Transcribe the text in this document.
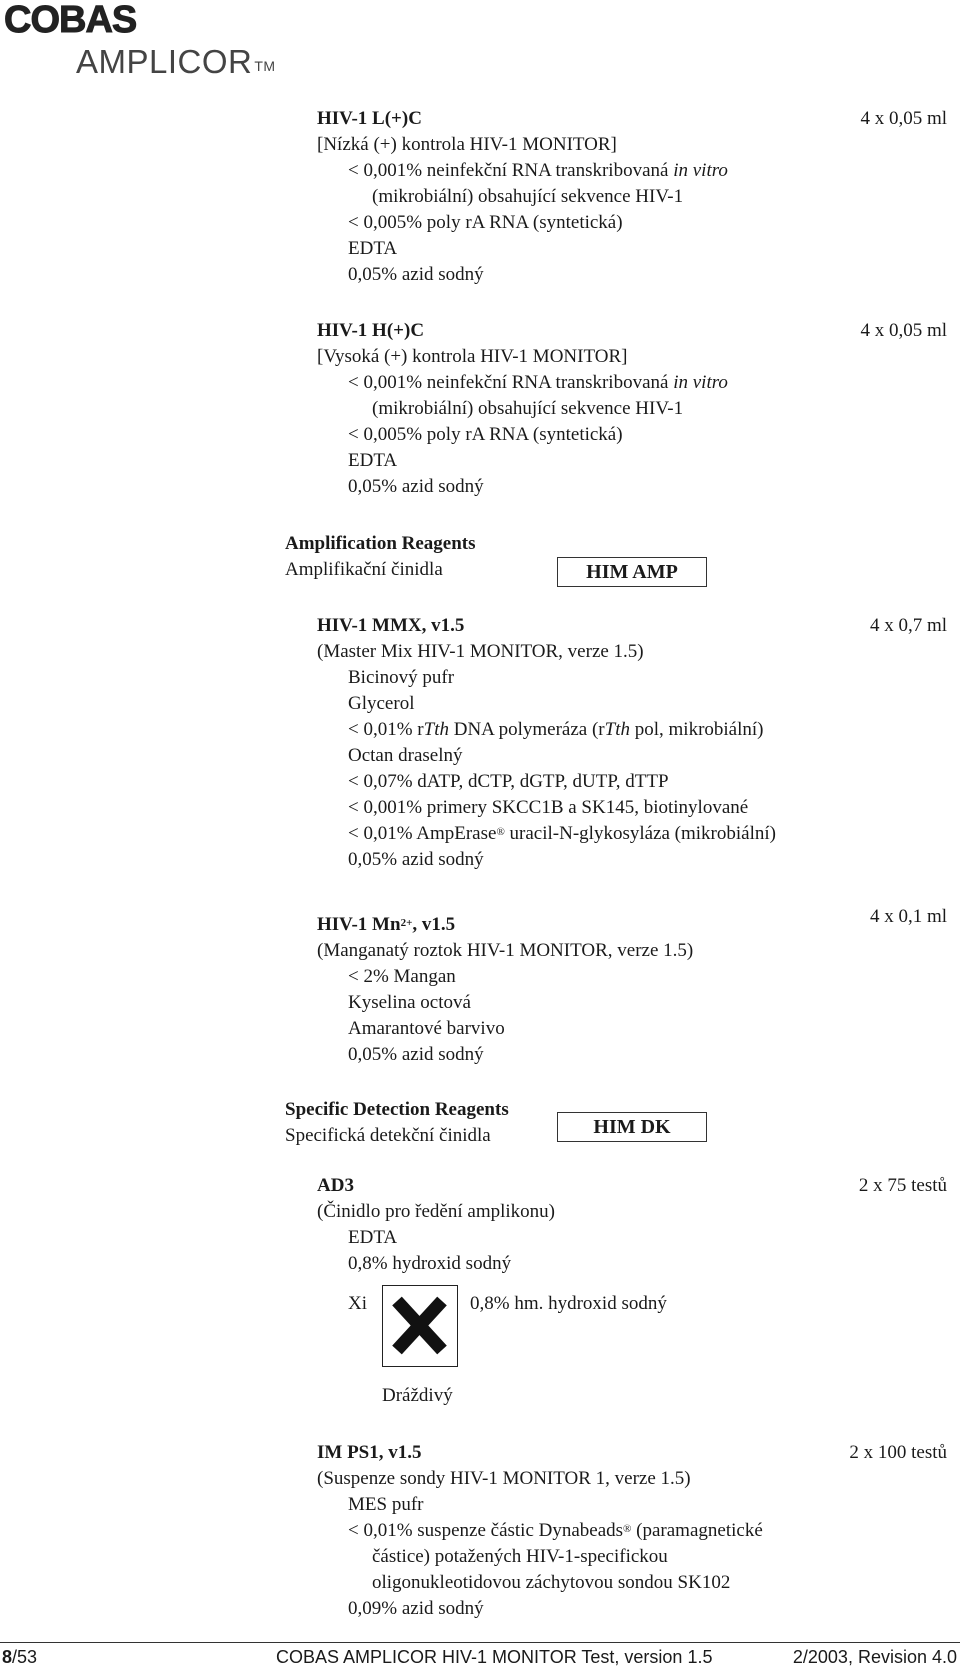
COBAS
AMPLICOR ™
HIV-1 L(+)C	4 x 0,05 ml
[Nízká (+) kontrola HIV-1 MONITOR]
< 0,001% neinfekční RNA transkribovaná in vitro
(mikrobiální) obsahující sekvence HIV-1
< 0,005% poly rA RNA (syntetická)
EDTA
0,05% azid sodný
HIV-1 H(+)C	4 x 0,05 ml
[Vysoká (+) kontrola HIV-1 MONITOR]
< 0,001% neinfekční RNA transkribovaná in vitro
(mikrobiální) obsahující sekvence HIV-1
< 0,005% poly rA RNA (syntetická)
EDTA
0,05% azid sodný
Amplification Reagents
Amplifikační činidla	HIM AMP
HIV-1 MMX, v1.5	4 x 0,7 ml
(Master Mix HIV-1 MONITOR, verze 1.5)
Bicinový pufr
Glycerol
< 0,01% rTth DNA polymeráza (rTth pol, mikrobiální)
Octan draselný
< 0,07% dATP, dCTP, dGTP, dUTP, dTTP
< 0,001% primery SKCC1B a SK145, biotinylované
< 0,01% AmpErase® uracil-N-glykosyláza (mikrobiální)
0,05% azid sodný
HIV-1 $Mn^{2+}$, v1.5	4 x 0,1 ml
(Manganatý roztok HIV-1 MONITOR, verze 1.5)
< 2% Mangan
Kyselina octová
Amarantové barvivo
0,05% azid sodný
Specific Detection Reagents
Specifická detekční činidla	HIM DK
AD3	2 x 75 testů
(Činidlo pro ředění amplikonu)
EDTA
0,8% hydroxid sodný
Xi	0,8% hm. hydroxid sodný
Dráždivý
IM PS1, v1.5	2 x 100 testů
(Suspenze sondy HIV-1 MONITOR 1, verze 1.5)
MES pufr
< 0,01% suspenze částic Dynabeads® (paramagnetické
částice) potažených HIV-1-specifickou
oligonukleotidovou záchytovou sondou SK102
0,09% azid sodný
8/53	COBAS AMPLICOR HIV-1 MONITOR Test, version 1.5	2/2003, Revision 4.0
